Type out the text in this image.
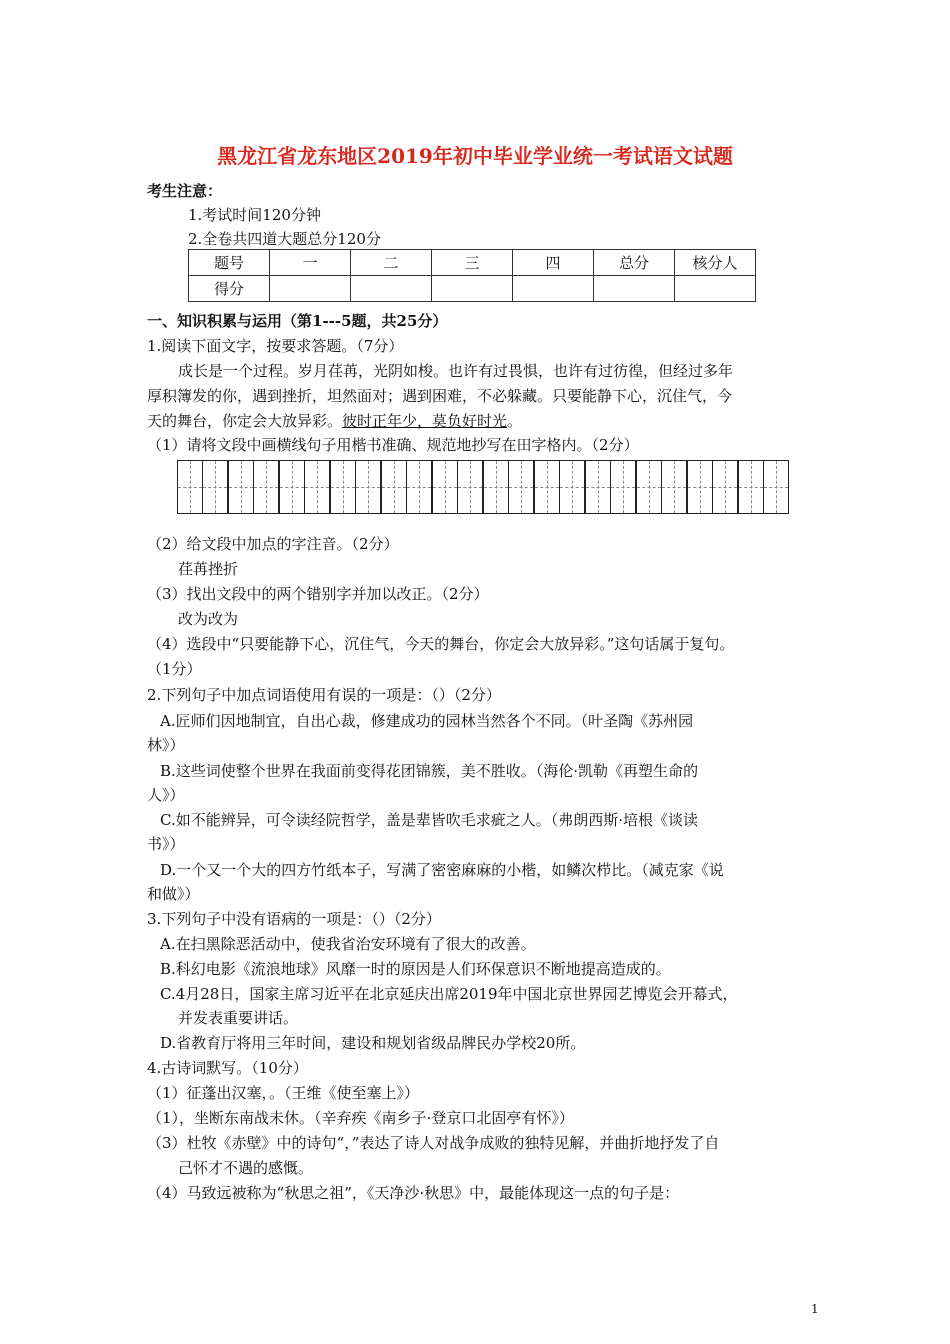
黑龙江省龙东地区2019年初中毕业学业统一考试语文试题
考生注意：
1.考试时间120分钟
2.全卷共四道大题总分120分
题号	一	二	三	四	总分	核分人
得分						
一、知识积累与运用（第1---5题，共25分）
1.阅读下面文字，按要求答题。（7分）
成长是一个过程。岁月荏苒，光阴如梭。也许有过畏惧，也许有过彷徨，但经过多年
厚积簿发的你，遇到挫折，坦然面对；遇到困难，不必躲藏。只要能静下心，沉住气，今
天的舞台，你定会大放异彩。彼时正年少，莫负好时光。
（1）请将文段中画横线句子用楷书准确、规范地抄写在田字格内。（2分）
（2）给文段中加点的字注音。（2分）
荏苒挫折
（3）找出文段中的两个错别字并加以改正。（2分）
改为改为
（4）选段中“只要能静下心，沉住气，今天的舞台，你定会大放异彩。”这句话属于复句。
（1分）
2.下列句子中加点词语使用有误的一项是：（）（2分）
A.匠师们因地制宜，自出心裁，修建成功的园林当然各个不同。（叶圣陶《苏州园
林》）
B.这些词使整个世界在我面前变得花团锦簇，美不胜收。（海伦·凯勒《再塑生命的
人》）
C.如不能辨异，可令读经院哲学，盖是辈皆吹毛求疵之人。（弗朗西斯·培根《谈读
书》）
D.一个又一个大的四方竹纸本子，写满了密密麻麻的小楷，如鳞次栉比。（减克家《说
和做》）
3.下列句子中没有语病的一项是：（）（2分）
A.在扫黑除恶活动中，使我省治安环境有了很大的改善。
B.科幻电影《流浪地球》风靡一时的原因是人们环保意识不断地提高造成的。
C.4月28日，国家主席习近平在北京延庆出席2019年中国北京世界园艺博览会开幕式，
并发表重要讲话。
D.省教育厅将用三年时间，建设和规划省级品牌民办学校20所。
4.古诗词默写。（10分）
（1）征蓬出汉塞，。（王维《使至塞上》）
（1），坐断东南战未休。（辛弃疾《南乡子·登京口北固亭有怀》）
（3）杜牧《赤壁》中的诗句“，”表达了诗人对战争成败的独特见解，并曲折地抒发了自
己怀才不遇的感慨。
（4）马致远被称为“秋思之祖”，《天净沙·秋思》中，最能体现这一点的句子是：
1
